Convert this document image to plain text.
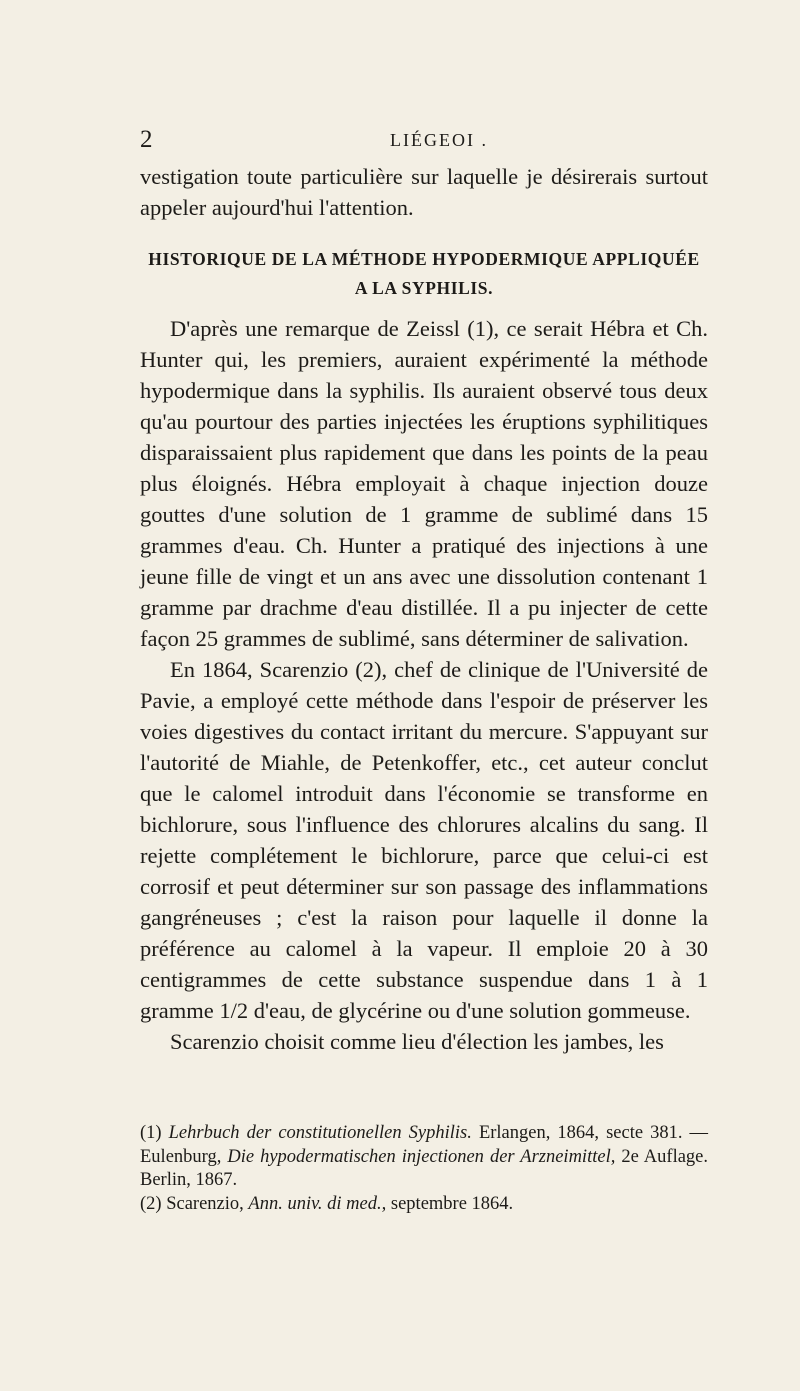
2	LIÉGEOI .

vestigation toute particulière sur laquelle je désirerais surtout appeler aujourd'hui l'attention.

HISTORIQUE DE LA MÉTHODE HYPODERMIQUE APPLIQUÉE
A LA SYPHILIS.

D'après une remarque de Zeissl (1), ce serait Hébra et Ch. Hunter qui, les premiers, auraient expérimenté la méthode hypodermique dans la syphilis. Ils auraient observé tous deux qu'au pourtour des parties injectées les éruptions syphilitiques disparaissaient plus rapidement que dans les points de la peau plus éloignés. Hébra employait à chaque injection douze gouttes d'une solution de 1 gramme de sublimé dans 15 grammes d'eau. Ch. Hunter a pratiqué des injections à une jeune fille de vingt et un ans avec une dissolution contenant 1 gramme par drachme d'eau distillée. Il a pu injecter de cette façon 25 grammes de sublimé, sans déterminer de salivation.

En 1864, Scarenzio (2), chef de clinique de l'Université de Pavie, a employé cette méthode dans l'espoir de préserver les voies digestives du contact irritant du mercure. S'appuyant sur l'autorité de Miahle, de Petenkoffer, etc., cet auteur conclut que le calomel introduit dans l'économie se transforme en bichlorure, sous l'influence des chlorures alcalins du sang. Il rejette complétement le bichlorure, parce que celui-ci est corrosif et peut déterminer sur son passage des inflammations gangréneuses ; c'est la raison pour laquelle il donne la préférence au calomel à la vapeur. Il emploie 20 à 30 centigrammes de cette substance suspendue dans 1 à 1 gramme 1/2 d'eau, de glycérine ou d'une solution gommeuse.

Scarenzio choisit comme lieu d'élection les jambes, les

(1) Lehrbuch der constitutionellen Syphilis. Erlangen, 1864, secte 381. — Eulenburg, Die hypodermatischen injectionen der Arzneimittel, 2e Auflage. Berlin, 1867.

(2) Scarenzio, Ann. univ. di med., septembre 1864.
